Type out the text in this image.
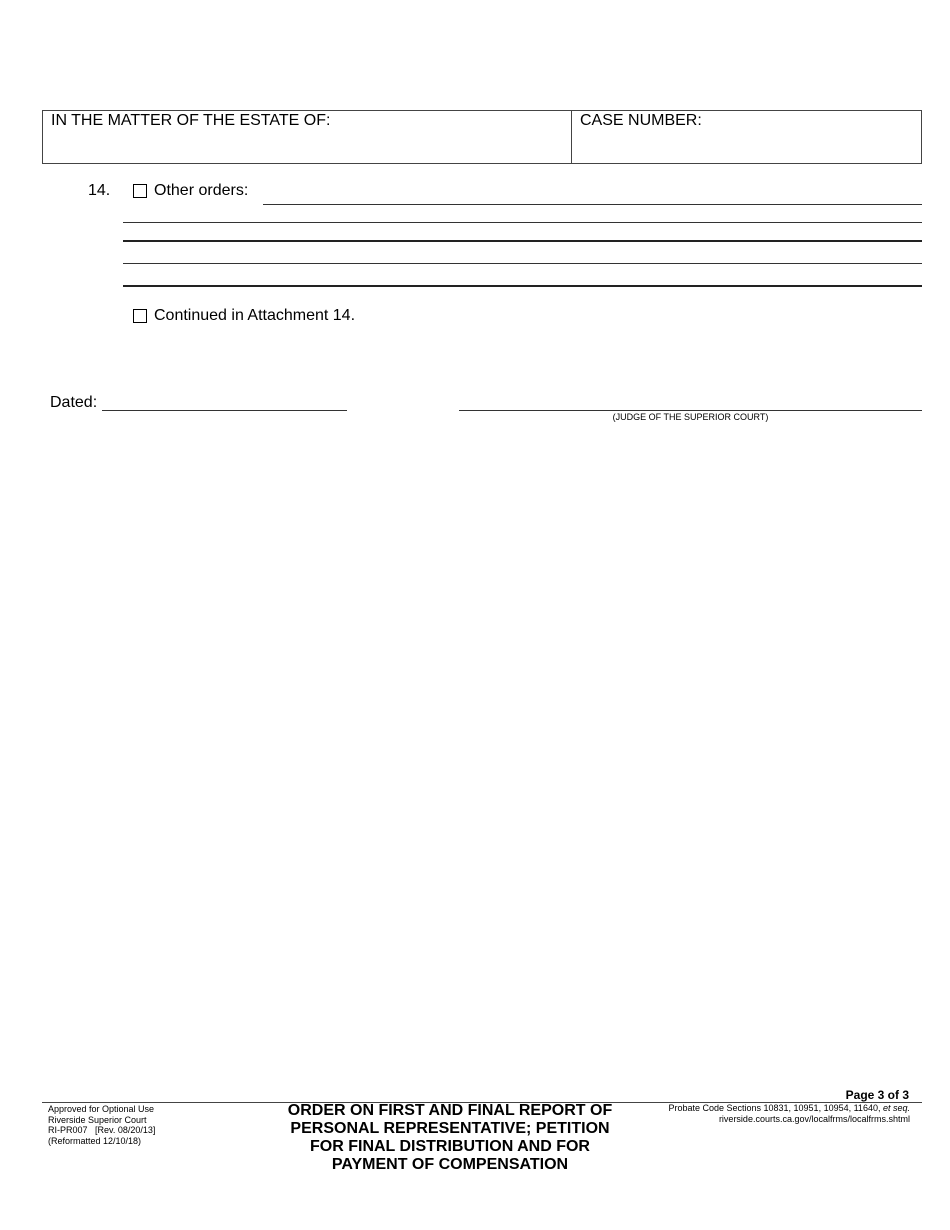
IN THE MATTER OF THE ESTATE OF:	CASE NUMBER:
14.	Other orders:
Continued in Attachment 14.
Dated:
(JUDGE OF THE SUPERIOR COURT)
Page 3 of 3
Approved for Optional Use
Riverside Superior Court
RI-PR007   [Rev. 08/20/13]
(Reformatted 12/10/18)
ORDER ON FIRST AND FINAL REPORT OF
PERSONAL REPRESENTATIVE; PETITION
FOR FINAL DISTRIBUTION AND FOR
PAYMENT OF COMPENSATION
Probate Code Sections 10831, 10951, 10954, 11640, et seq.
riverside.courts.ca.gov/localfrms/localfrms.shtml
